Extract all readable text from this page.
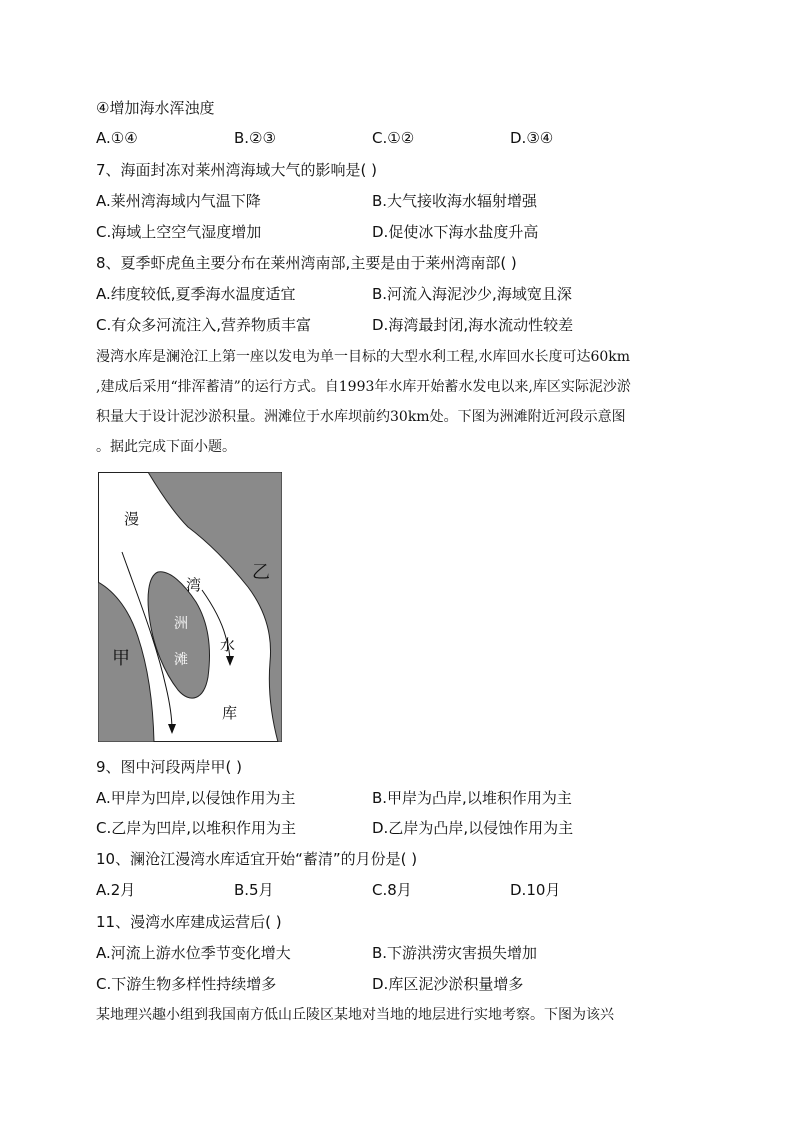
④增加海水浑浊度
A.①④	B.②③	C.①②	D.③④
7、海面封冻对莱州湾海域大气的影响是( )
A.莱州湾海域内气温下降	B.大气接收海水辐射增强
C.海域上空空气湿度增加	D.促使冰下海水盐度升高
8、夏季虾虎鱼主要分布在莱州湾南部,主要是由于莱州湾南部( )
A.纬度较低,夏季海水温度适宜	B.河流入海泥沙少,海域宽且深
C.有众多河流注入,营养物质丰富	D.海湾最封闭,海水流动性较差
漫湾水库是澜沧江上第一座以发电为单一目标的大型水利工程,水库回水长度可达60km
,建成后采用“排浑蓄清”的运行方式。自1993年水库开始蓄水发电以来,库区实际泥沙淤
积量大于设计泥沙淤积量。洲滩位于水库坝前约30km处。下图为洲滩附近河段示意图
。据此完成下面小题。
漫
湾
洲
滩
水
库
甲
乙
9、图中河段两岸甲( )
A.甲岸为凹岸,以侵蚀作用为主	B.甲岸为凸岸,以堆积作用为主
C.乙岸为凹岸,以堆积作用为主	D.乙岸为凸岸,以侵蚀作用为主
10、澜沧江漫湾水库适宜开始“蓄清”的月份是( )
A.2月	B.5月	C.8月	D.10月
11、漫湾水库建成运营后( )
A.河流上游水位季节变化增大	B.下游洪涝灾害损失增加
C.下游生物多样性持续增多	D.库区泥沙淤积量增多
某地理兴趣小组到我国南方低山丘陵区某地对当地的地层进行实地考察。下图为该兴
